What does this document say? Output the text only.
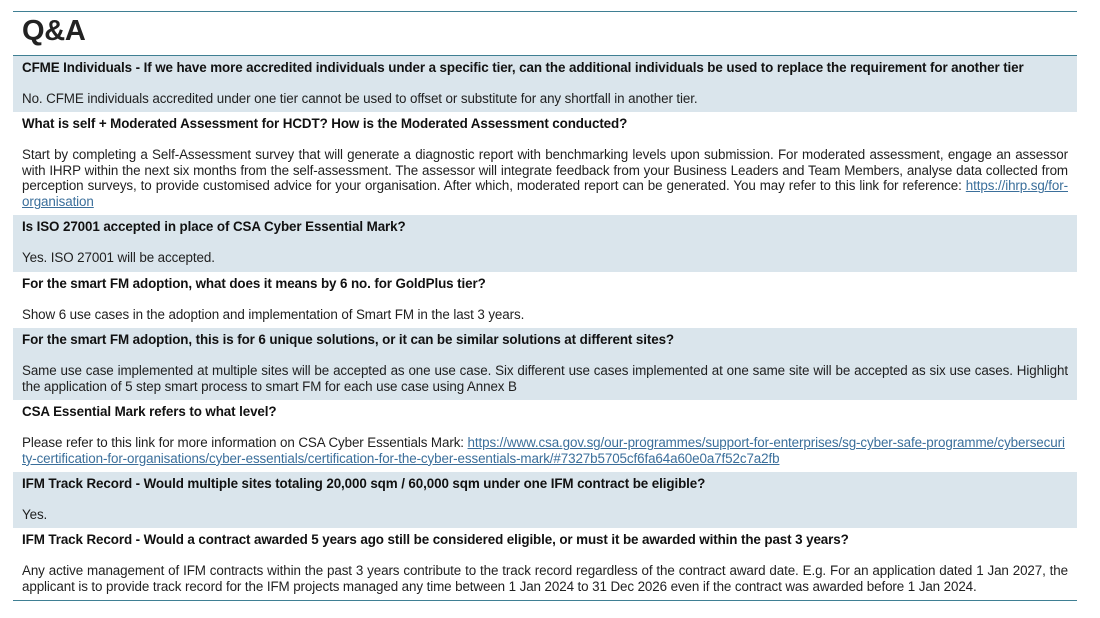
Q&A
CFME Individuals - If we have more accredited individuals under a specific tier, can the additional individuals be used to replace the requirement for another tier
No. CFME individuals accredited under one tier cannot be used to offset or substitute for any shortfall in another tier.
What is self + Moderated Assessment for HCDT? How is the Moderated Assessment conducted?
Start by completing a Self-Assessment survey that will generate a diagnostic report with benchmarking levels upon submission. For moderated assessment, engage an assessor with IHRP within the next six months from the self-assessment. The assessor will integrate feedback from your Business Leaders and Team Members, analyse data collected from perception surveys, to provide customised advice for your organisation. After which, moderated report can be generated. You may refer to this link for reference: https://ihrp.sg/for-organisation
Is ISO 27001 accepted in place of CSA Cyber Essential Mark?
Yes. ISO 27001 will be accepted.
For the smart FM adoption, what does it means by 6 no. for GoldPlus tier?
Show 6 use cases in the adoption and implementation of Smart FM in the last 3 years.
For the smart FM adoption, this is for 6 unique solutions, or it can be similar solutions at different sites?
Same use case implemented at multiple sites will be accepted as one use case. Six different use cases implemented at one same site will be accepted as six use cases. Highlight the application of 5 step smart process to smart FM for each use case using Annex B
CSA Essential Mark refers to what level?
Please refer to this link for more information on CSA Cyber Essentials Mark: https://www.csa.gov.sg/our-programmes/support-for-enterprises/sg-cyber-safe-programme/cybersecurity-certification-for-organisations/cyber-essentials/certification-for-the-cyber-essentials-mark/#7327b5705cf6fa64a60e0a7f52c7a2fb
IFM Track Record - Would multiple sites totaling 20,000 sqm / 60,000 sqm under one IFM contract be eligible?
Yes.
IFM Track Record - Would a contract awarded 5 years ago still be considered eligible, or must it be awarded within the past 3 years?
Any active management of IFM contracts within the past 3 years contribute to the track record regardless of the contract award date. E.g. For an application dated 1 Jan 2027, the applicant is to provide track record for the IFM projects managed any time between 1 Jan 2024 to 31 Dec 2026 even if the contract was awarded before 1 Jan 2024.
